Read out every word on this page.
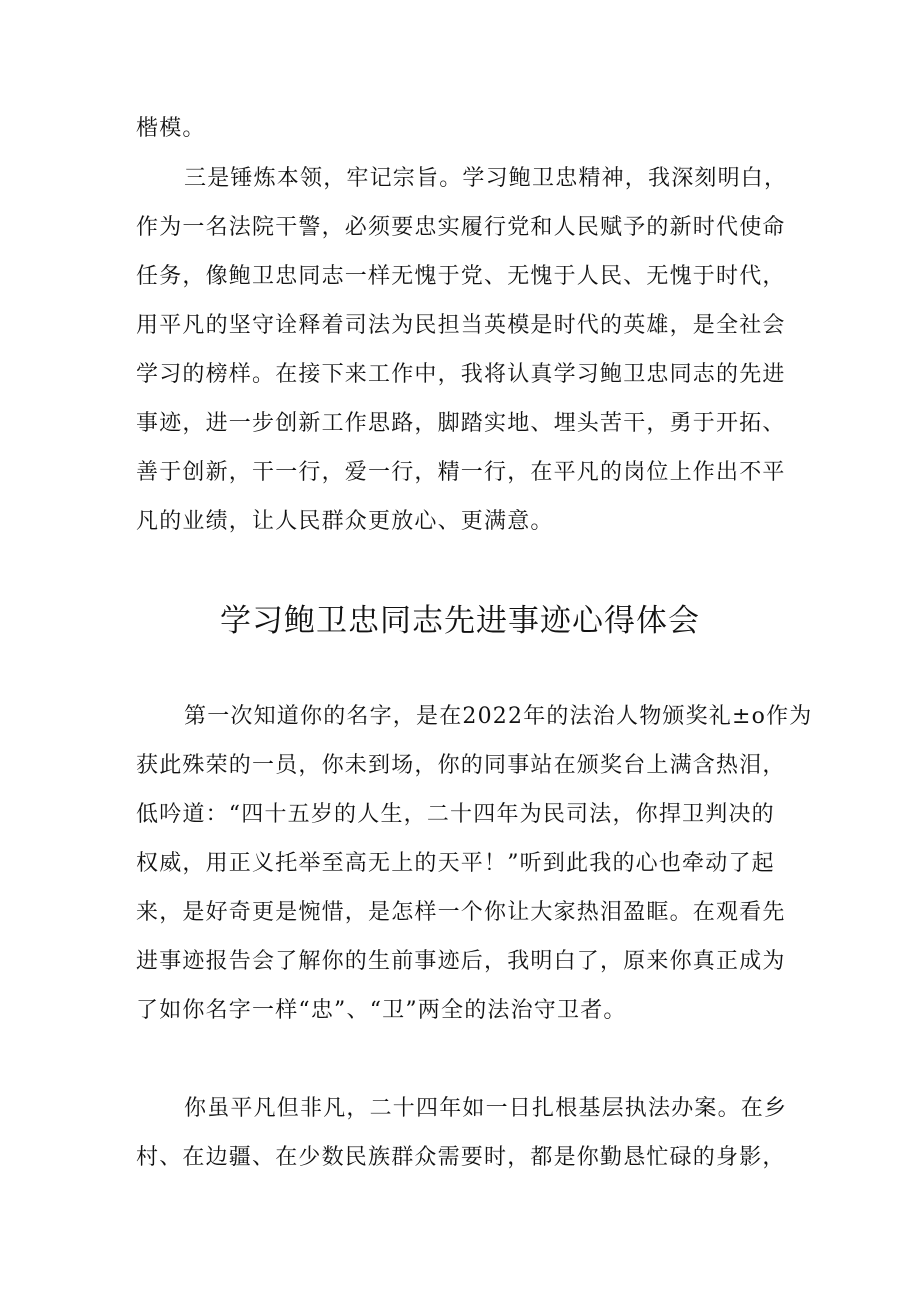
楷模。
三是锤炼本领，牢记宗旨。学习鲍卫忠精神，我深刻明白，
作为一名法院干警，必须要忠实履行党和人民赋予的新时代使命
任务，像鲍卫忠同志一样无愧于党、无愧于人民、无愧于时代，
用平凡的坚守诠释着司法为民担当英模是时代的英雄，是全社会
学习的榜样。在接下来工作中，我将认真学习鲍卫忠同志的先进
事迹，进一步创新工作思路，脚踏实地、埋头苦干，勇于开拓、
善于创新，干一行，爱一行，精一行，在平凡的岗位上作出不平
凡的业绩，让人民群众更放心、更满意。
学习鲍卫忠同志先进事迹心得体会
第一次知道你的名字，是在2022年的法治人物颁奖礼±o作为
获此殊荣的一员，你未到场，你的同事站在颁奖台上满含热泪，
低吟道：“四十五岁的人生，二十四年为民司法，你捍卫判决的
权威，用正义托举至高无上的天平！”听到此我的心也牵动了起
来，是好奇更是惋惜，是怎样一个你让大家热泪盈眶。在观看先
进事迹报告会了解你的生前事迹后，我明白了，原来你真正成为
了如你名字一样“忠”、“卫”两全的法治守卫者。
你虽平凡但非凡，二十四年如一日扎根基层执法办案。在乡
村、在边疆、在少数民族群众需要时，都是你勤恳忙碌的身影，
